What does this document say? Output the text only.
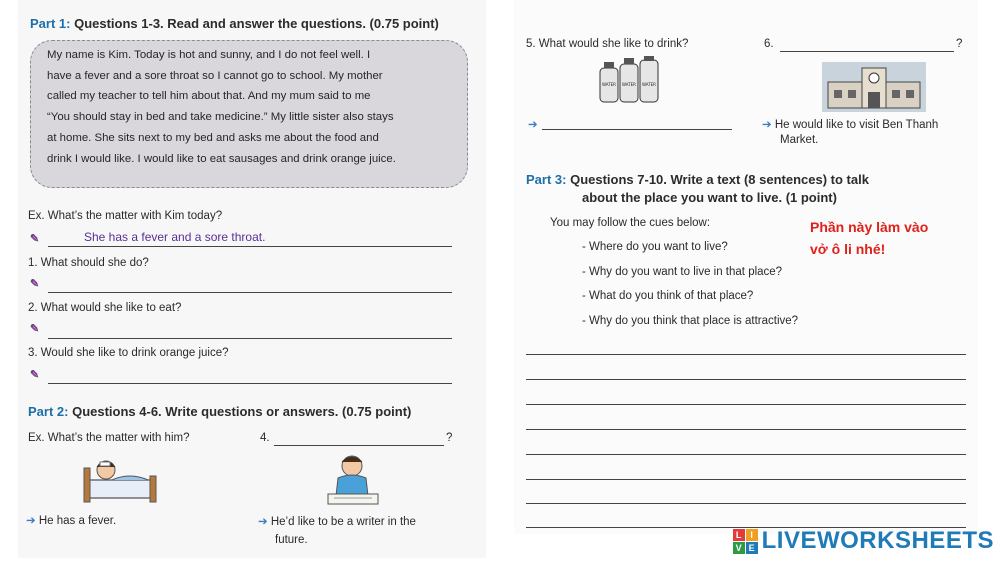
Part 1: Questions 1-3. Read and answer the questions. (0.75 point)

My name is Kim. Today is hot and sunny, and I do not feel well. I

have a fever and a sore throat so I cannot go to school. My mother

called my teacher to tell him about that. And my mum said to me

“You should stay in bed and take medicine.” My little sister also stays

at home. She sits next to my bed and asks me about the food and

drink I would like. I would like to eat sausages and drink orange juice.

Ex. What’s the matter with Kim today?
✎	She has a fever and a sore throat.
1. What should she do?
✎
2. What would she like to eat?
✎
3. Would she like to drink orange juice?
✎
Part 2: Questions 4-6. Write questions or answers. (0.75 point)
Ex. What’s the matter with him?	4.	?
➔ He has a fever.	➔ He’d like to be a writer in the
future.
5. What would she like to drink?	6.	?
WATER WATER WATER
➔	➔ He would like to visit Ben Thanh
Market.
Part 3: Questions 7-10. Write a text (8 sentences) to talk
about the place you want to live. (1 point)
You may follow the cues below:
- Where do you want to live?
- Why do you want to live in that place?
- What do you think of that place?
- Why do you think that place is attractive?
Phần này làm vào
vở ô li nhé!
L I
V E LIVEWORKSHEETS
